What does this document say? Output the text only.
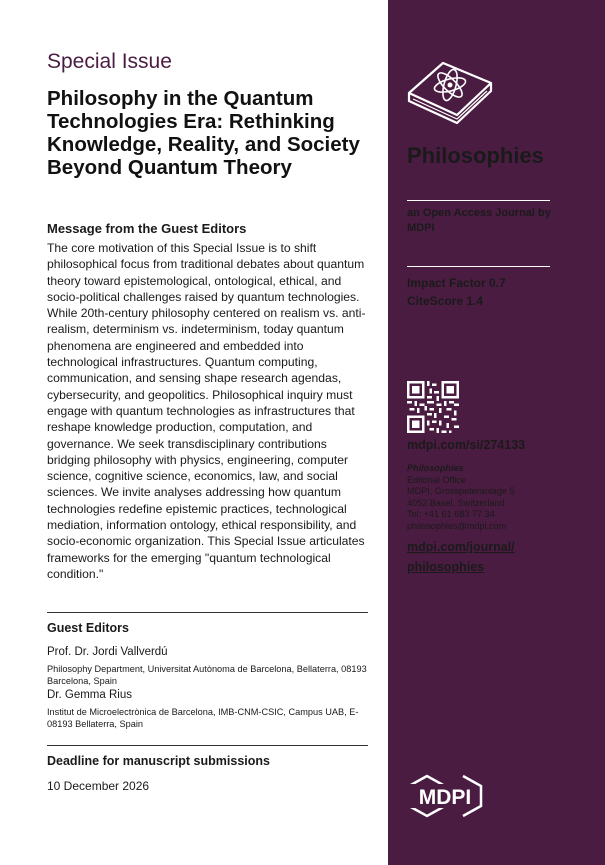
Special Issue
Philosophy in the Quantum Technologies Era: Rethinking Knowledge, Reality, and Society Beyond Quantum Theory
Message from the Guest Editors
The core motivation of this Special Issue is to shift philosophical focus from traditional debates about quantum theory toward epistemological, ontological, ethical, and socio-political challenges raised by quantum technologies. While 20th-century philosophy centered on realism vs. anti-realism, determinism vs. indeterminism, today quantum phenomena are engineered and embedded into technological infrastructures. Quantum computing, communication, and sensing shape research agendas, cybersecurity, and geopolitics. Philosophical inquiry must engage with quantum technologies as infrastructures that reshape knowledge production, computation, and governance. We seek transdisciplinary contributions bridging philosophy with physics, engineering, computer science, cognitive science, economics, law, and social sciences. We invite analyses addressing how quantum technologies redefine epistemic practices, technological mediation, information ontology, ethical responsibility, and socio-economic organization. This Special Issue articulates frameworks for the emerging "quantum technological condition."
Guest Editors
Prof. Dr. Jordi Vallverdú
Philosophy Department, Universitat Autònoma de Barcelona, Bellaterra, 08193 Barcelona, Spain
Dr. Gemma Rius
Institut de Microelectrònica de Barcelona, IMB-CNM-CSIC, Campus UAB, E-08193 Bellaterra, Spain
Deadline for manuscript submissions
10 December 2026
Philosophies
an Open Access Journal by MDPI
Impact Factor 0.7
CiteScore 1.4
mdpi.com/si/274133
Philosophies
Editorial Office
MDPI, Grosspeteranlage 5
4052 Basel, Switzerland
Tel: +41 61 683 77 34
philosophies@mdpi.com
mdpi.com/journal/
philosophies
MDPI
